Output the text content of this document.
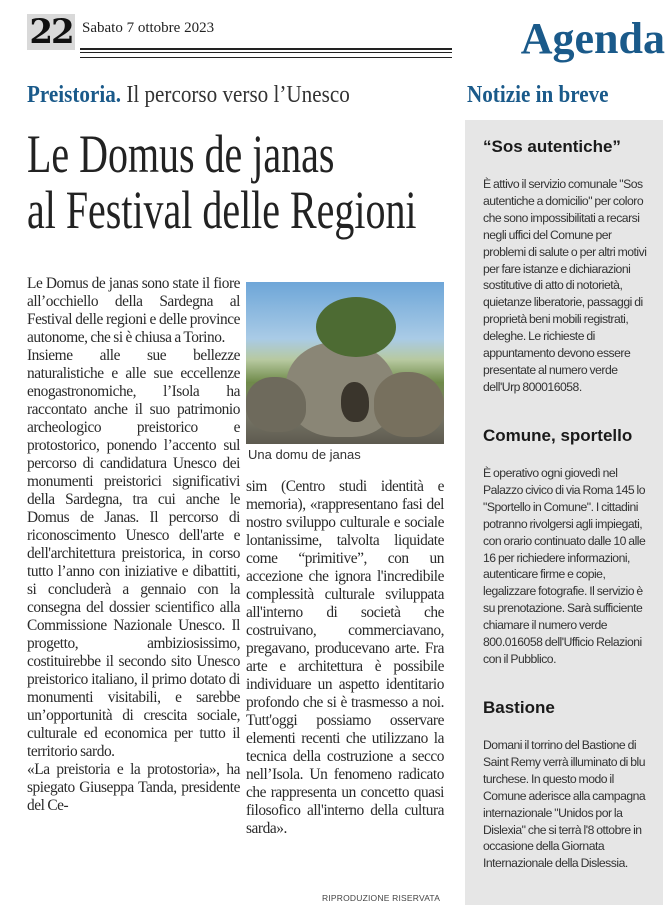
22 Sabato 7 ottobre 2023	Agenda
Preistoria. Il percorso verso l’Unesco	Notizie in breve
Le Domus de janas
al Festival delle Regioni

Le Domus de janas sono state il fiore all’occhiello della Sardegna al Festival delle regioni e delle province autonome, che si è chiusa a Torino.

Insieme alle sue bellezze naturalistiche e alle sue eccellenze enogastronomiche, l’Isola ha raccontato anche il suo patrimonio archeologico preistorico e protostorico, ponendo l’accento sul percorso di candidatura Unesco dei monumenti preistorici significativi della Sardegna, tra cui anche le Domus de Janas. Il percorso di riconoscimento Unesco dell'arte e dell'architettura preistorica, in corso tutto l’anno con iniziative e dibattiti, si concluderà a gennaio con la consegna del dossier scientifico alla Commissione Nazionale Unesco. Il progetto, ambiziosissimo, costituirebbe il secondo sito Unesco preistorico italiano, il primo dotato di monumenti visitabili, e sarebbe un’opportunità di crescita sociale, culturale ed economica per tutto il territorio sardo.

«La preistoria e la protostoria», ha spiegato Giuseppa Tanda, presidente del Ce-

Una domu de janas

sim (Centro studi identità e memoria), «rappresentano fasi del nostro sviluppo culturale e sociale lontanissime, talvolta liquidate come “primitive”, con un accezione che ignora l'incredibile complessità culturale sviluppata all'interno di società che costruivano, commerciavano, pregavano, producevano arte. Fra arte e architettura è possibile individuare un aspetto identitario profondo che si è trasmesso a noi. Tutt'oggi possiamo osservare elementi recenti che utilizzano la tecnica della costruzione a secco nell’Isola. Un fenomeno radicato che rappresenta un concetto quasi filosofico all'interno della cultura sarda».

RIPRODUZIONE RISERVATA
“Sos autentiche”
È attivo il servizio comunale "Sos autentiche a domicilio" per coloro che sono impossibilitati a recarsi negli uffici del Comune per problemi di salute o per altri motivi per fare istanze e dichiarazioni sostitutive di atto di notorietà, quietanze liberatorie, passaggi di proprietà beni mobili registrati, deleghe. Le richieste di appuntamento devono essere presentate al numero verde dell'Urp 800016058.
Comune, sportello
È operativo ogni giovedì nel Palazzo civico di via Roma 145 lo "Sportello in Comune". I cittadini potranno rivolgersi agli impiegati, con orario continuato dalle 10 alle 16 per richiedere informazioni, autenticare firme e copie, legalizzare fotografie. Il servizio è su prenotazione. Sarà sufficiente chiamare il numero verde 800.016058 dell'Ufficio Relazioni con il Pubblico.
Bastione
Domani il torrino del Bastione di Saint Remy verrà illuminato di blu turchese. In questo modo il Comune aderisce alla campagna internazionale "Unidos por la Dislexia" che si terrà l'8 ottobre in occasione della Giornata Internazionale della Dislessia.
